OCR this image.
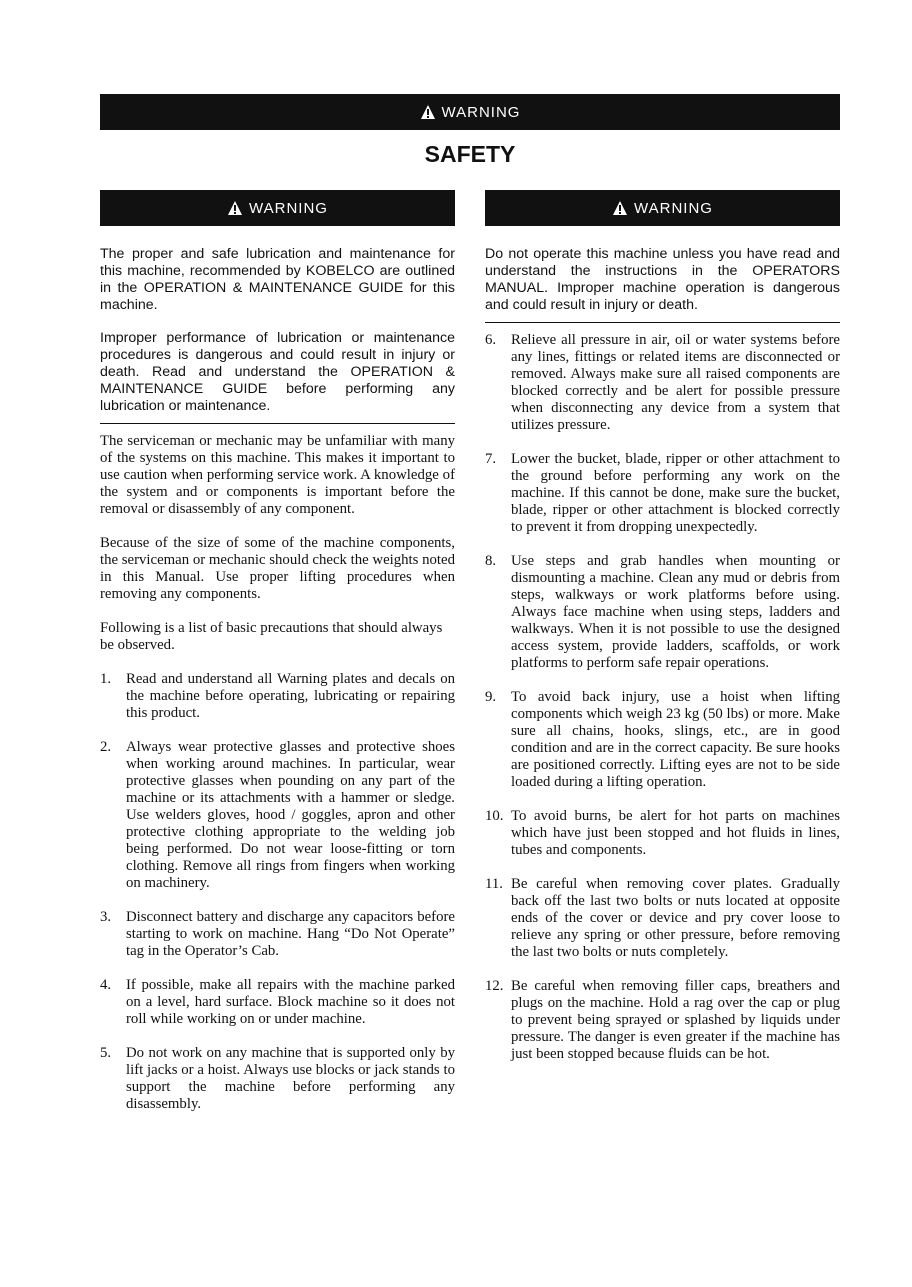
WARNING
SAFETY
WARNING	WARNING

The proper and safe lubrication and maintenance for this machine, recommended by KOBELCO are outlined in the OPERATION & MAINTENANCE GUIDE for this machine.

Improper performance of lubrication or maintenance procedures is dangerous and could result in injury or death. Read and understand the OPERATION & MAINTENANCE GUIDE before performing any lubrication or maintenance.

The serviceman or mechanic may be unfamiliar with many of the systems on this machine. This makes it important to use caution when performing service work. A knowledge of the system and or components is important before the removal or disassembly of any component.

Because of the size of some of the machine components, the serviceman or mechanic should check the weights noted in this Manual. Use proper lifting procedures when removing any components.

Following is a list of basic precautions that should always be observed.

1.	Read and understand all Warning plates and decals on the machine before operating, lubricating or repairing this product.
2.	Always wear protective glasses and protective shoes when working around machines. In particular, wear protective glasses when pounding on any part of the machine or its attachments with a hammer or sledge. Use welders gloves, hood / goggles, apron and other protective clothing appropriate to the welding job being performed. Do not wear loose-fitting or torn clothing. Remove all rings from fingers when working on machinery.
3.	Disconnect battery and discharge any capacitors before starting to work on machine. Hang “Do Not Operate” tag in the Operator’s Cab.
4.	If possible, make all repairs with the machine parked on a level, hard surface. Block machine so it does not roll while working on or under machine.
5.	Do not work on any machine that is supported only by lift jacks or a hoist. Always use blocks or jack stands to support the machine before performing any disassembly.

Do not operate this machine unless you have read and understand the instructions in the OPERATORS MANUAL. Improper machine operation is dangerous and could result in injury or death.

6.	Relieve all pressure in air, oil or water systems before any lines, fittings or related items are disconnected or removed. Always make sure all raised components are blocked correctly and be alert for possible pressure when disconnecting any device from a system that utilizes pressure.
7.	Lower the bucket, blade, ripper or other attachment to the ground before performing any work on the machine. If this cannot be done, make sure the bucket, blade, ripper or other attachment is blocked correctly to prevent it from dropping unexpectedly.
8.	Use steps and grab handles when mounting or dismounting a machine. Clean any mud or debris from steps, walkways or work platforms before using. Always face machine when using steps, ladders and walkways. When it is not possible to use the designed access system, provide ladders, scaffolds, or work platforms to perform safe repair operations.
9.	To avoid back injury, use a hoist when lifting components which weigh 23 kg (50 lbs) or more. Make sure all chains, hooks, slings, etc., are in good condition and are in the correct capacity. Be sure hooks are positioned correctly. Lifting eyes are not to be side loaded during a lifting operation.
10. To avoid burns, be alert for hot parts on machines which have just been stopped and hot fluids in lines, tubes and components.
11. Be careful when removing cover plates. Gradually back off the last two bolts or nuts located at opposite ends of the cover or device and pry cover loose to relieve any spring or other pressure, before removing the last two bolts or nuts completely.
12. Be careful when removing filler caps, breathers and plugs on the machine. Hold a rag over the cap or plug to prevent being sprayed or splashed by liquids under pressure. The danger is even greater if the machine has just been stopped because fluids can be hot.
